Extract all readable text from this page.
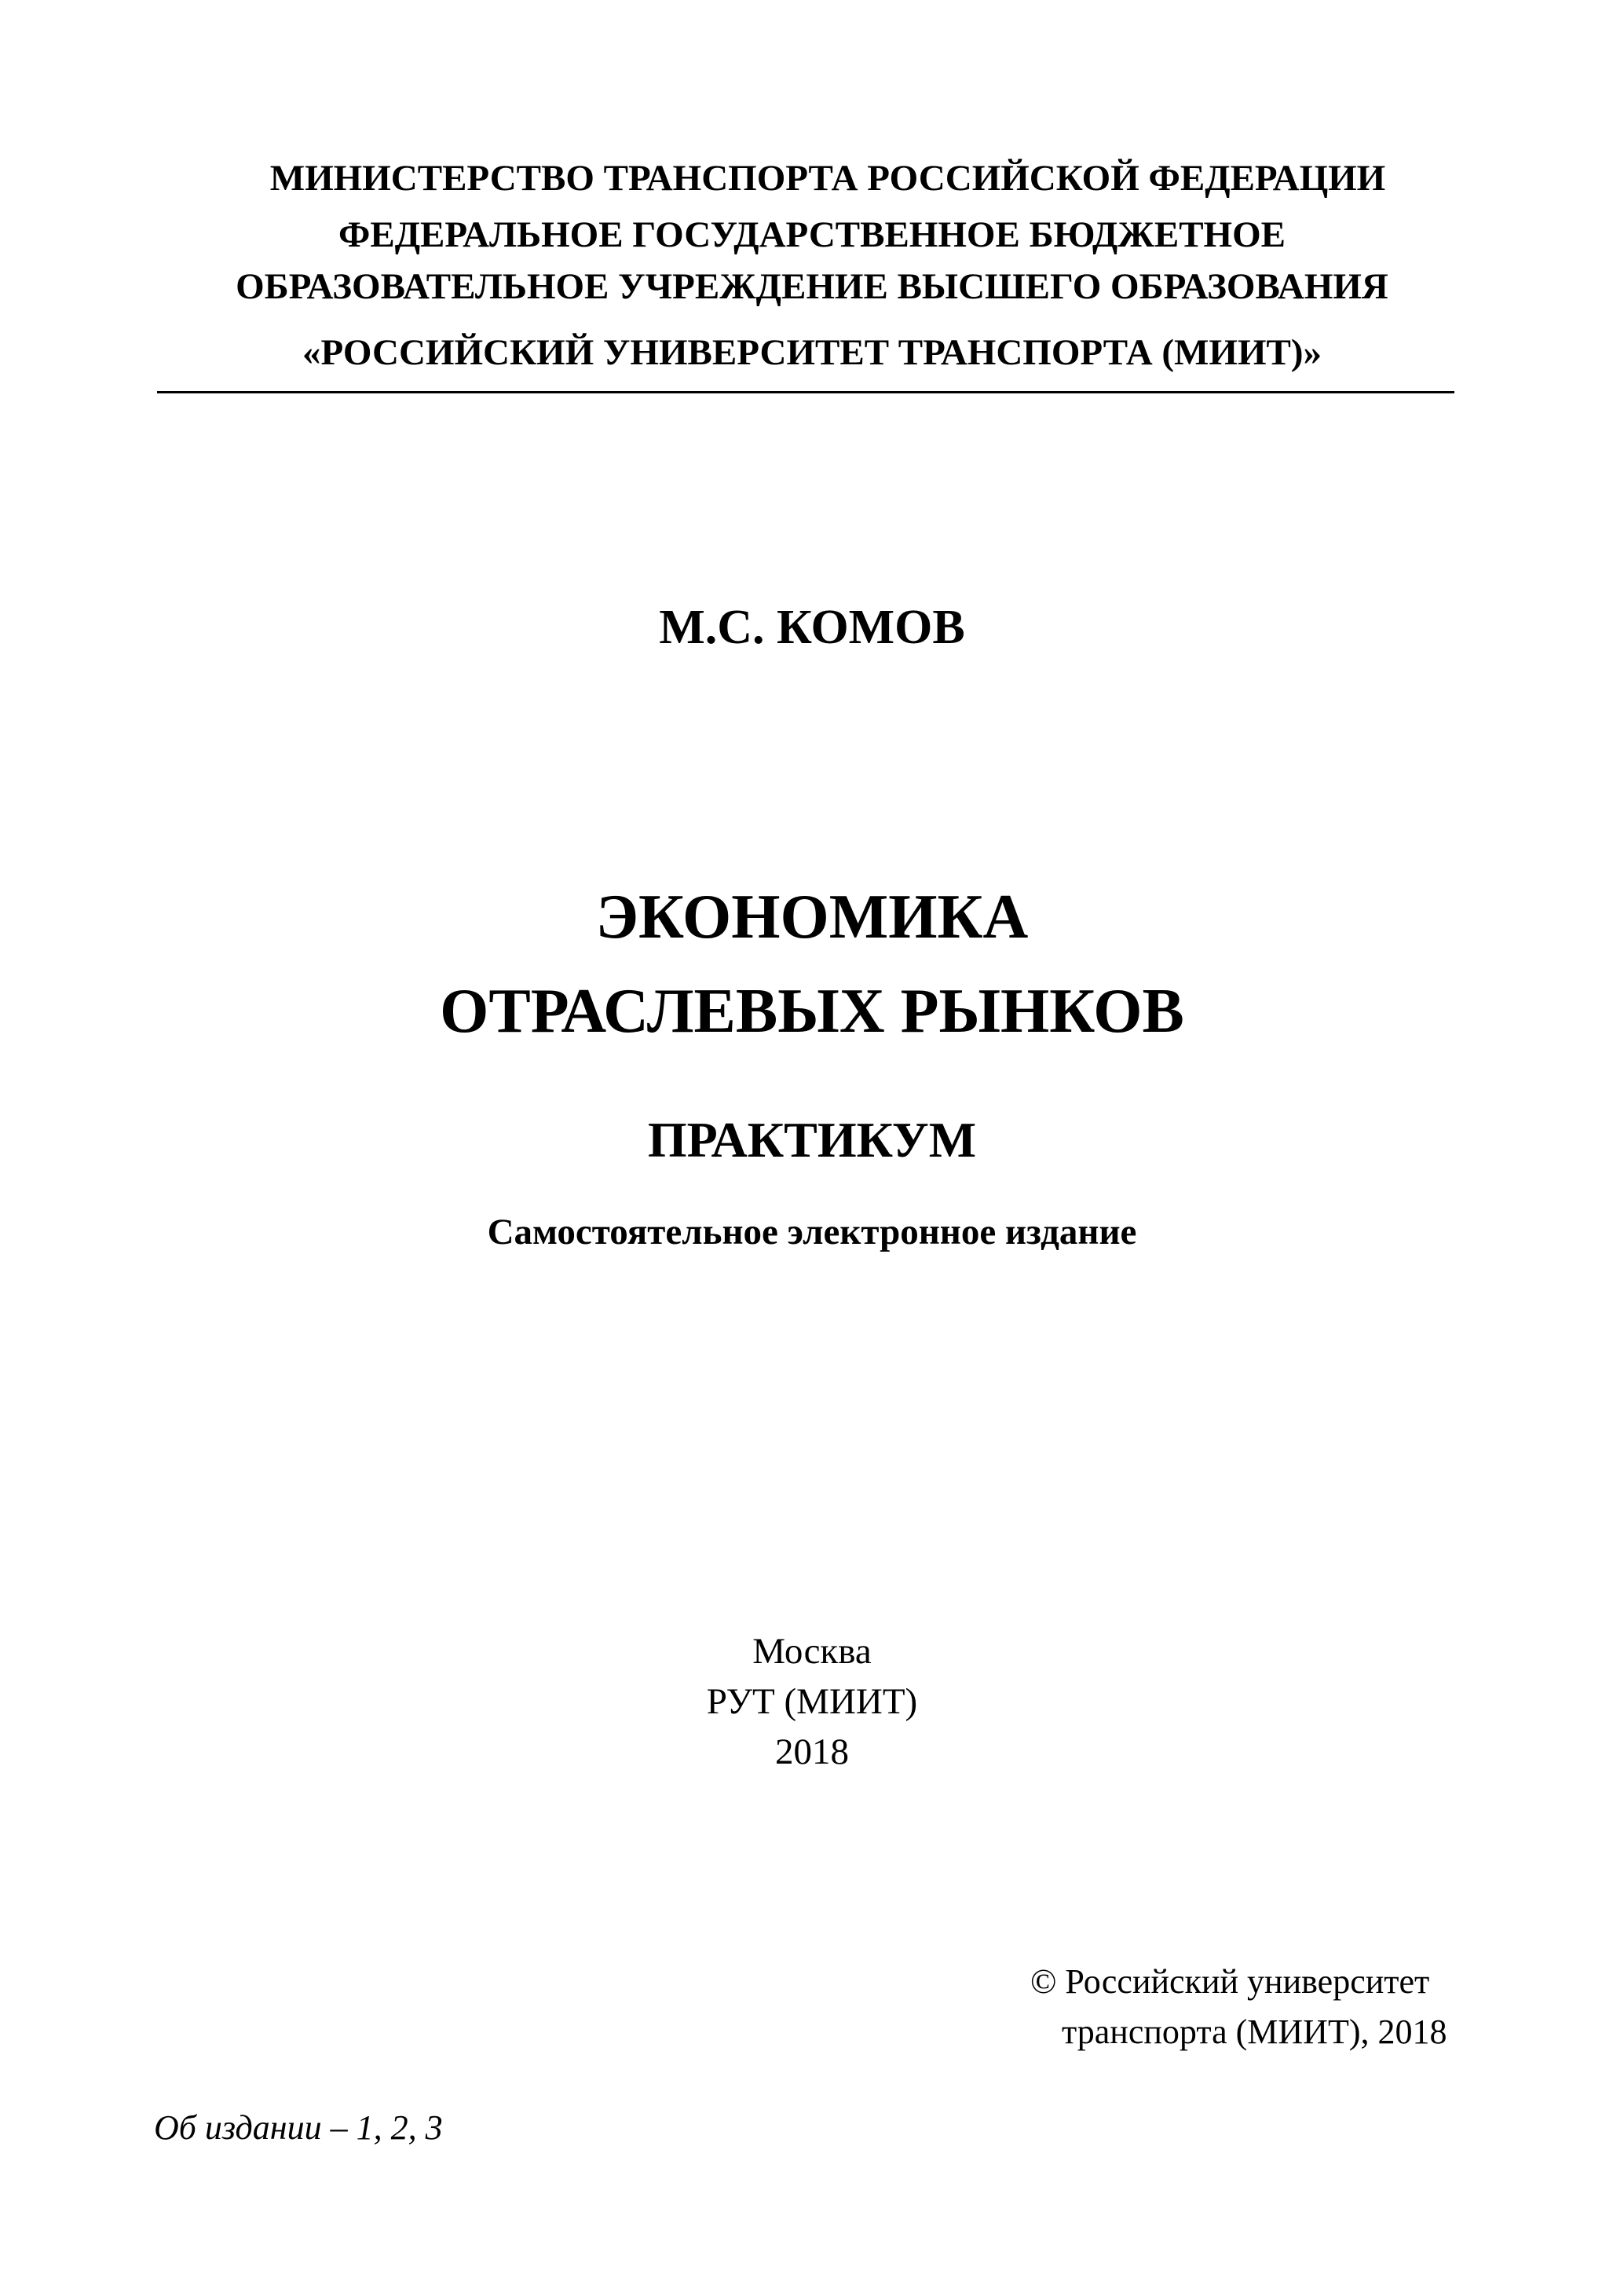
МИНИСТЕРСТВО ТРАНСПОРТА РОССИЙСКОЙ ФЕДЕРАЦИИ
ФЕДЕРАЛЬНОЕ ГОСУДАРСТВЕННОЕ БЮДЖЕТНОЕ
ОБРАЗОВАТЕЛЬНОЕ УЧРЕЖДЕНИЕ ВЫСШЕГО ОБРАЗОВАНИЯ
«РОССИЙСКИЙ УНИВЕРСИТЕТ ТРАНСПОРТА (МИИТ)»
М.С. КОМОВ
ЭКОНОМИКА
ОТРАСЛЕВЫХ РЫНКОВ
ПРАКТИКУМ
Самостоятельное электронное издание
Москва
РУТ (МИИТ)
2018
© Российский университет
транспорта (МИИТ), 2018
Об издании – 1, 2, 3
